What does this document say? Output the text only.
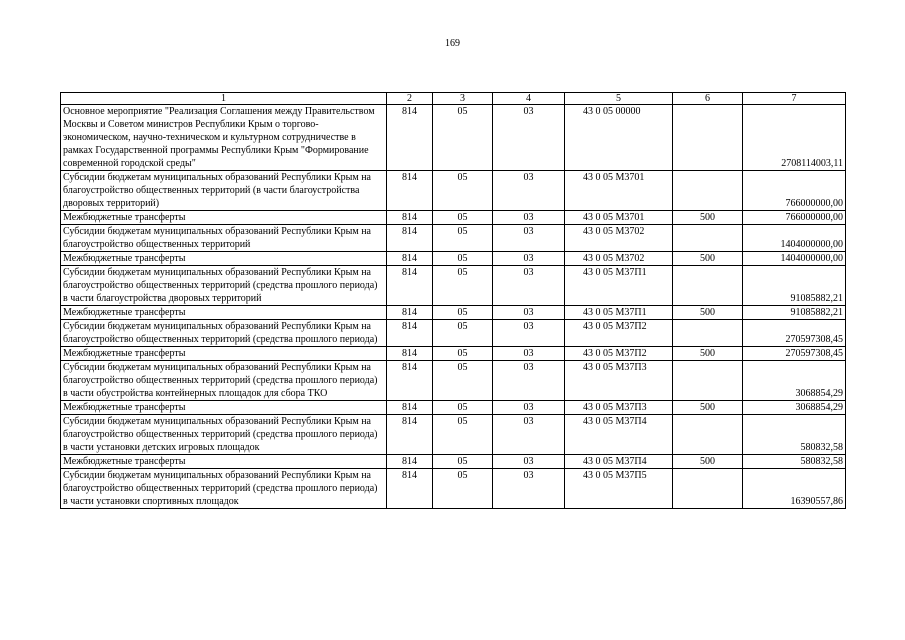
169
1	2	3	4	5	6	7
Основное мероприятие "Реализация Соглашения между Правительством Москвы и Советом министров Республики Крым о торгово-экономическом, научно-техническом и культурном сотрудничестве в рамках Государственной программы Республики Крым "Формирование современной городской среды"	814	05	03	43 0 05 00000		2708114003,11
Субсидии бюджетам муниципальных образований Республики Крым на благоустройство общественных территорий (в части благоустройства дворовых территорий)	814	05	03	43 0 05 М3701		766000000,00
Межбюджетные трансферты	814	05	03	43 0 05 М3701	500	766000000,00
Субсидии бюджетам муниципальных образований Республики Крым на благоустройство общественных территорий	814	05	03	43 0 05 М3702		1404000000,00
Межбюджетные трансферты	814	05	03	43 0 05 М3702	500	1404000000,00
Субсидии бюджетам муниципальных образований Республики Крым на благоустройство общественных территорий (средства прошлого периода) в части благоустройства дворовых территорий	814	05	03	43 0 05 М37П1		91085882,21
Межбюджетные трансферты	814	05	03	43 0 05 М37П1	500	91085882,21
Субсидии бюджетам муниципальных образований Республики Крым на благоустройство общественных территорий (средства прошлого периода)	814	05	03	43 0 05 М37П2		270597308,45
Межбюджетные трансферты	814	05	03	43 0 05 М37П2	500	270597308,45
Субсидии бюджетам муниципальных образований Республики Крым на благоустройство общественных территорий (средства прошлого периода) в части обустройства контейнерных площадок для сбора ТКО	814	05	03	43 0 05 М37П3		3068854,29
Межбюджетные трансферты	814	05	03	43 0 05 М37П3	500	3068854,29
Субсидии бюджетам муниципальных образований Республики Крым на благоустройство общественных территорий (средства прошлого периода) в части установки детских игровых площадок	814	05	03	43 0 05 М37П4		580832,58
Межбюджетные трансферты	814	05	03	43 0 05 М37П4	500	580832,58
Субсидии бюджетам муниципальных образований Республики Крым на благоустройство общественных территорий (средства прошлого периода) в части установки спортивных площадок	814	05	03	43 0 05 М37П5		16390557,86
